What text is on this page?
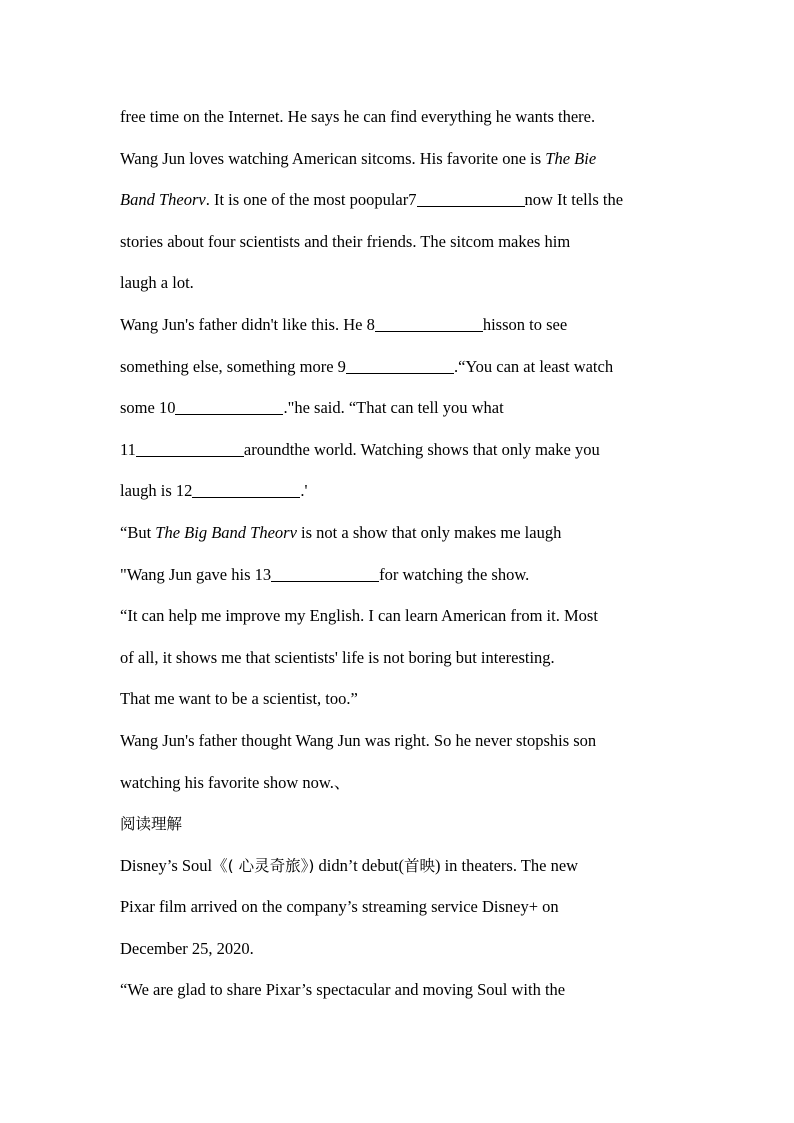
free time on the Internet. He says he can find everything he wants there.
Wang Jun loves watching American sitcoms. His favorite one is The Bie
Band Theorv. It is one of the most poopular7	now It tells the
stories about four scientists and their friends. The sitcom makes him
laugh a lot.
Wang Jun's father didn't like this. He 8	hisson to see
something else, something more 9	.“You can at least watch
some 10	."he said. “That can tell you what
11	aroundthe world. Watching shows that only make you
laugh is 12	.'
“But The Big Band Theorv is not a show that only makes me laugh
"Wang Jun gave his 13	for watching the show.
“It can help me improve my English. I can learn American from it. Most
of all, it shows me that scientists' life is not boring but interesting.
That me want to be a scientist, too.”
Wang Jun's father thought Wang Jun was right. So he never stopshis son
watching his favorite show now.、
阅读理解
Disney’s Soul《( 心灵奇旅》) didn’t debut(首映) in theaters. The new
Pixar film arrived on the company’s streaming service Disney+ on
December 25, 2020.
“We are glad to share Pixar’s spectacular and moving Soul with the
